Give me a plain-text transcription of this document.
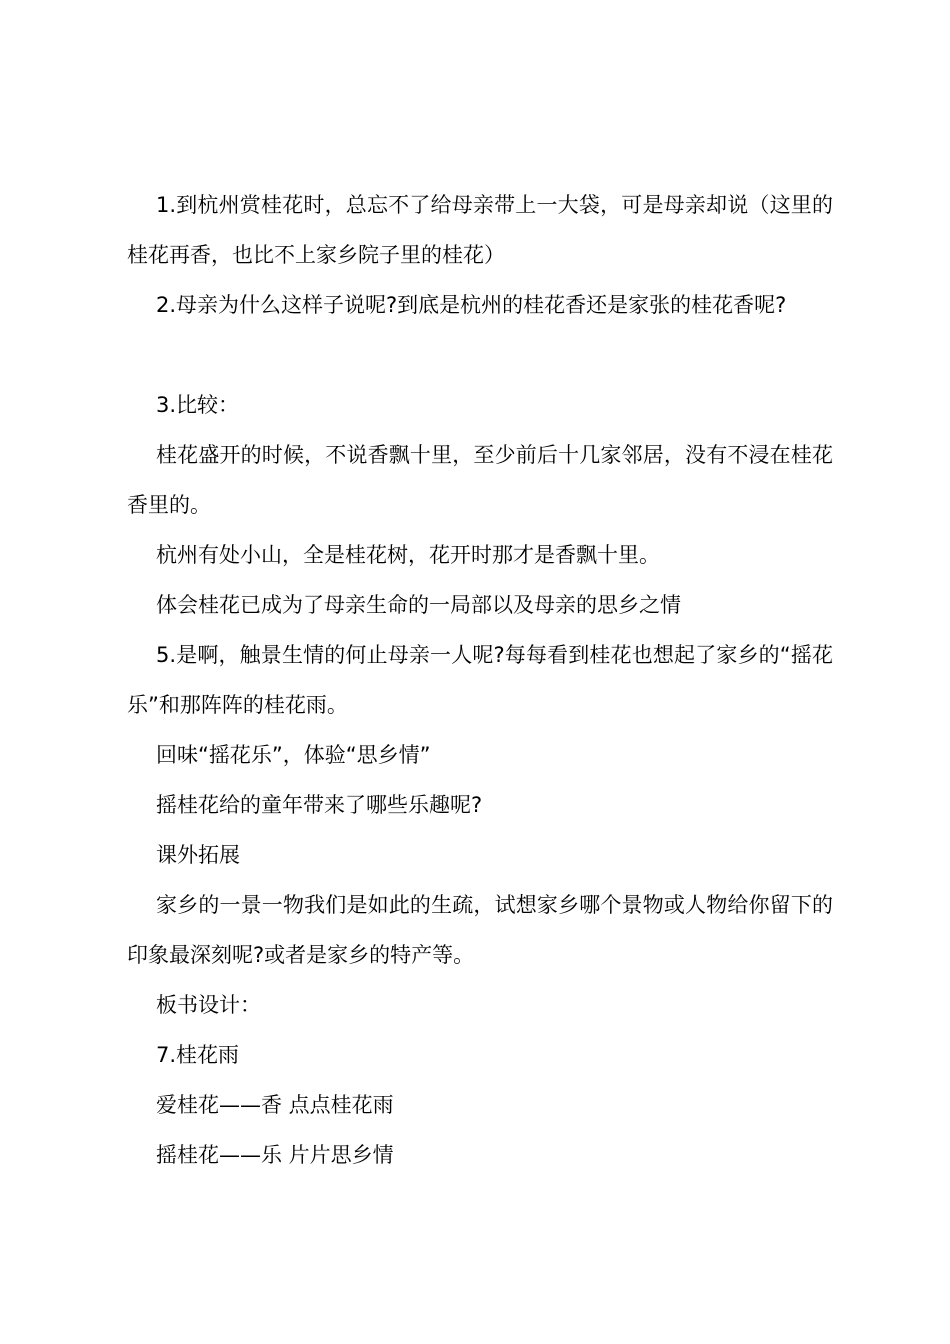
1.到杭州赏桂花时，总忘不了给母亲带上一大袋，可是母亲却说（这里的桂花再香，也比不上家乡院子里的桂花）

2.母亲为什么这样子说呢?到底是杭州的桂花香还是家张的桂花香呢?

3.比较：

桂花盛开的时候，不说香飘十里，至少前后十几家邻居，没有不浸在桂花香里的。

杭州有处小山，全是桂花树，花开时那才是香飘十里。

体会桂花已成为了母亲生命的一局部以及母亲的思乡之情

5.是啊，触景生情的何止母亲一人呢?每每看到桂花也想起了家乡的“摇花乐”和那阵阵的桂花雨。

回味“摇花乐”，体验“思乡情”

摇桂花给的童年带来了哪些乐趣呢?

课外拓展

家乡的一景一物我们是如此的生疏，试想家乡哪个景物或人物给你留下的印象最深刻呢?或者是家乡的特产等。

板书设计：

7.桂花雨

爱桂花——香 点点桂花雨

摇桂花——乐 片片思乡情
